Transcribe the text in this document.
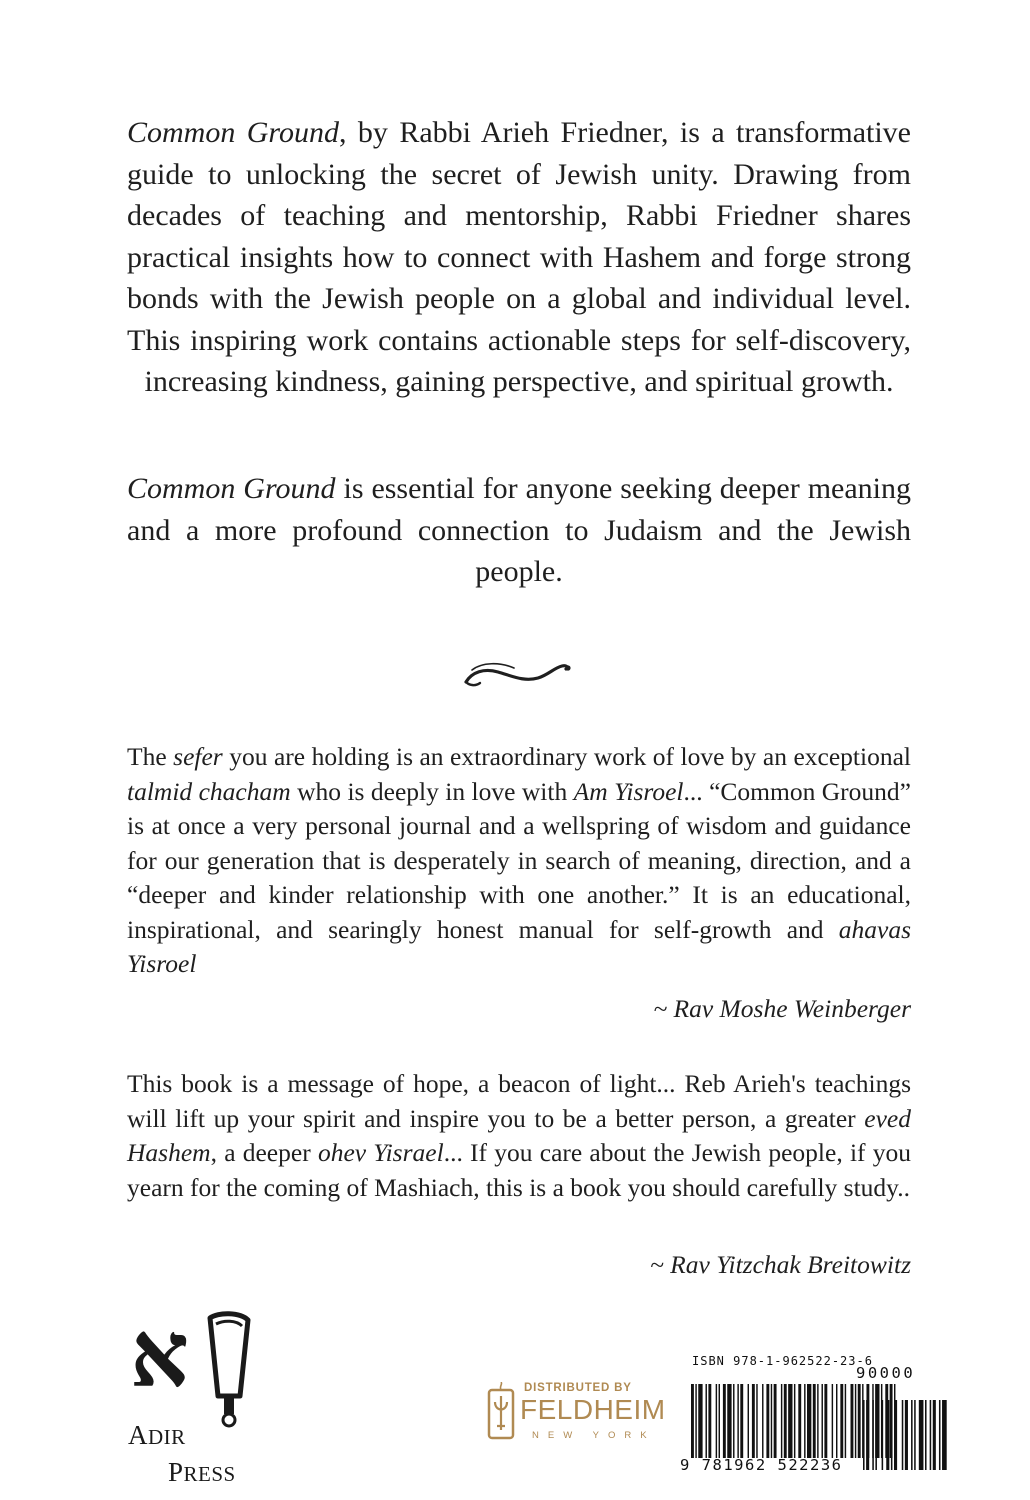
Common Ground, by Rabbi Arieh Friedner, is a transformative guide to unlocking the secret of Jewish unity. Drawing from decades of teaching and mentorship, Rabbi Friedner shares practical insights how to connect with Hashem and forge strong bonds with the Jewish people on a global and individual level. This inspiring work contains actionable steps for self-discovery, increasing kindness, gaining perspective, and spiritual growth.

Common Ground is essential for anyone seeking deeper meaning and a more profound connection to Judaism and the Jewish people.

The sefer you are holding is an extraordinary work of love by an exceptional talmid chacham who is deeply in love with Am Yisroel... “Common Ground” is at once a very personal journal and a wellspring of wisdom and guidance for our generation that is desperately in search of meaning, direction, and a “deeper and kinder relationship with one another.” It is an educational, inspirational, and searingly honest manual for self-growth and ahavas Yisroel

~ Rav Moshe Weinberger

This book is a message of hope, a beacon of light... Reb Arieh's teachings will lift up your spirit and inspire you to be a better person, a greater eved Hashem, a deeper ohev Yisrael... If you care about the Jewish people, if you yearn for the coming of Mashiach, this is a book you should carefully study..

~ Rav Yitzchak Breitowitz
א
ADIR
PRESS
DISTRIBUTED BY
FELDHEIM
NEW YORK
ISBN 978-1-962522-23-6
9 781962 522236
90000
